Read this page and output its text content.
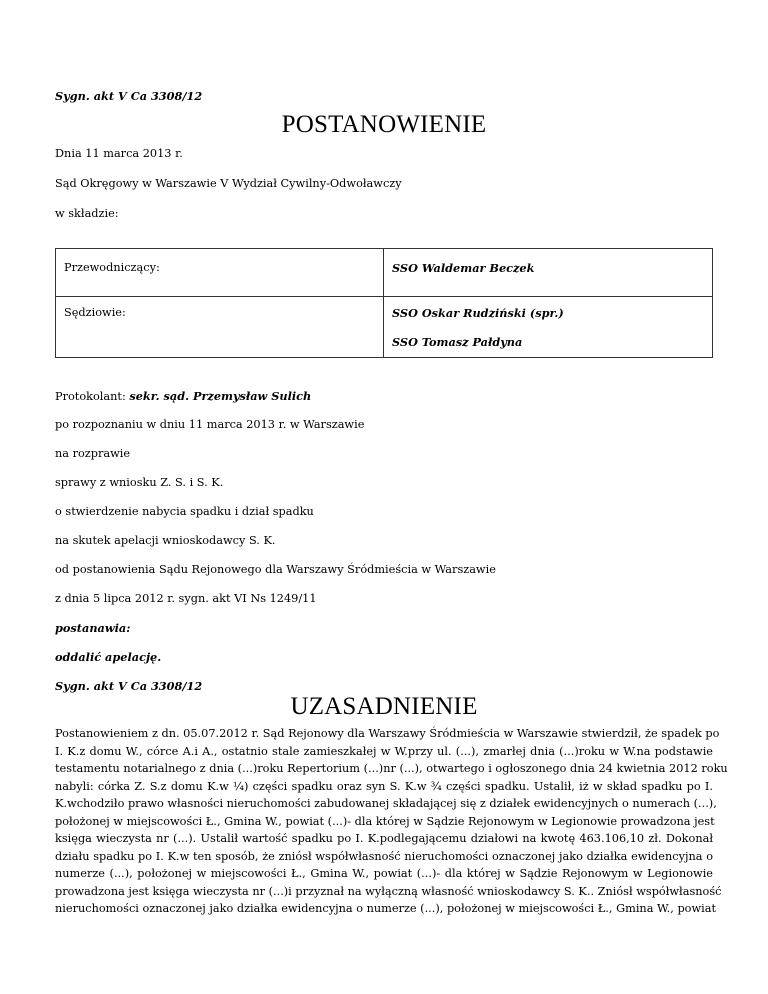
Sygn. akt V Ca 3308/12
POSTANOWIENIE
Dnia 11 marca 2013 r.
Sąd Okręgowy w Warszawie V Wydział Cywilny-Odwoławczy
w składzie:
Przewodniczący:	SSO Waldemar Beczek

Sędziowie:	SSO Oskar Rudziński (spr.)
SSO Tomasz Pałdyna
Protokolant: sekr. sąd. Przemysław Sulich
po rozpoznaniu w dniu 11 marca 2013 r. w Warszawie
na rozprawie
sprawy z wniosku Z. S. i S. K.
o stwierdzenie nabycia spadku i dział spadku
na skutek apelacji wnioskodawcy S. K.
od postanowienia Sądu Rejonowego dla Warszawy Śródmieścia w Warszawie
z dnia 5 lipca 2012 r. sygn. akt VI Ns 1249/11
postanawia:
oddalić apelację.
Sygn. akt V Ca 3308/12
UZASADNIENIE
Postanowieniem z dn. 05.07.2012 r. Sąd Rejonowy dla Warszawy Śródmieścia w Warszawie stwierdził, że spadek po
I. K.z domu W., córce A.i A., ostatnio stale zamieszkałej w W.przy ul. (...), zmarłej dnia (...)roku w W.na podstawie
testamentu notarialnego z dnia (...)roku Repertorium (...)nr (...), otwartego i ogłoszonego dnia 24 kwietnia 2012 roku
nabyli: córka Z. S.z domu K.w ¼) części spadku oraz syn S. K.w ¾ części spadku. Ustalił, iż w skład spadku po I.
K.wchodziło prawo własności nieruchomości zabudowanej składającej się z działek ewidencyjnych o numerach (...),
położonej w miejscowości Ł., Gmina W., powiat (...)- dla której w Sądzie Rejonowym w Legionowie prowadzona jest
księga wieczysta nr (...). Ustalił wartość spadku po I. K.podlegającemu działowi na kwotę 463.106,10 zł. Dokonał
działu spadku po I. K.w ten sposób, że zniósł współwłasność nieruchomości oznaczonej jako działka ewidencyjna o
numerze (...), położonej w miejscowości Ł., Gmina W., powiat (...)- dla której w Sądzie Rejonowym w Legionowie
prowadzona jest księga wieczysta nr (...)i przyznał na wyłączną własność wnioskodawcy S. K.. Zniósł współwłasność
nieruchomości oznaczonej jako działka ewidencyjna o numerze (...), położonej w miejscowości Ł., Gmina W., powiat
